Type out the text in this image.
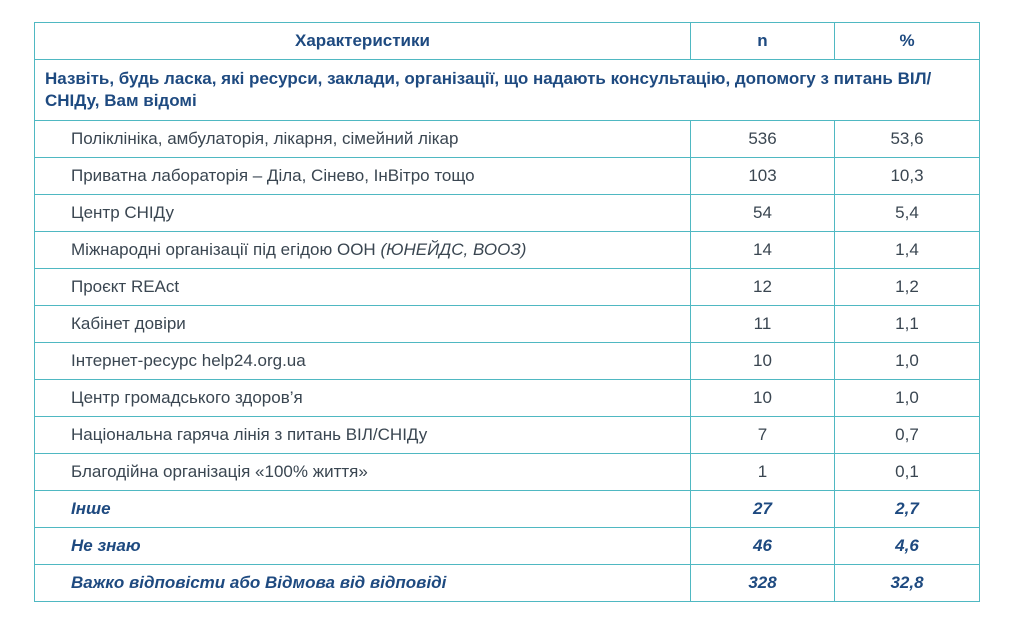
Характеристики	n	%
Назвіть, будь ласка, які ресурси, заклади, організації, що надають консультацію, допомогу з питань ВІЛ/СНІДу, Вам відомі		
Поліклініка, амбулаторія, лікарня, сімейний лікар	536	53,6
Приватна лабораторія – Діла, Сінево, ІнВітро тощо	103	10,3
Центр СНІДу	54	5,4
Міжнародні організації під егідою ООН (ЮНЕЙДС, ВООЗ)	14	1,4
Проєкт REAct	12	1,2
Кабінет довіри	11	1,1
Інтернет-ресурс help24.org.ua	10	1,0
Центр громадського здоров’я	10	1,0
Національна гаряча лінія з питань ВІЛ/СНІДу	7	0,7
Благодійна організація «100% життя»	1	0,1
Інше	27	2,7
Не знаю	46	4,6
Важко відповісти або Відмова від відповіді	328	32,8
